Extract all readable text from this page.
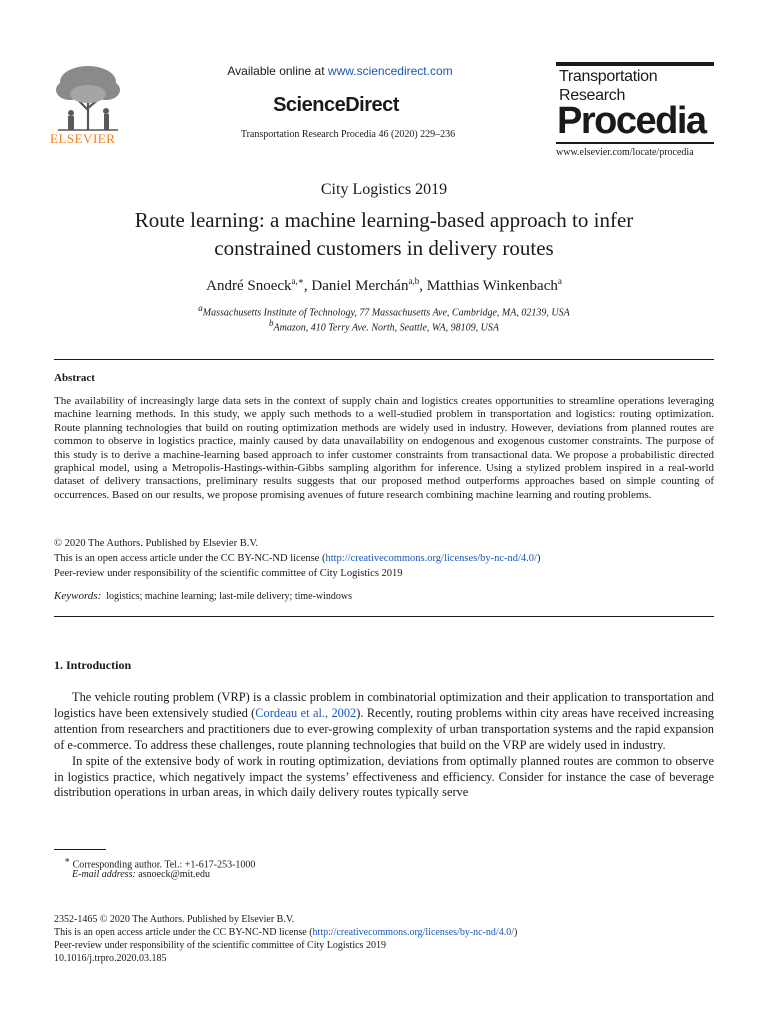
ELSEVIER
Available online at www.sciencedirect.com
ScienceDirect
Transportation Research Procedia 46 (2020) 229–236
Transportation
Research
Procedia
www.elsevier.com/locate/procedia
City Logistics 2019
Route learning: a machine learning-based approach to infer
constrained customers in delivery routes
André Snoeck$^{a,∗}$, Daniel Merchán$^{a,b}$, Matthias Winkenbach$^a$
$^a$Massachusetts Institute of Technology, 77 Massachusetts Ave, Cambridge, MA, 02139, USA
$^b$Amazon, 410 Terry Ave. North, Seattle, WA, 98109, USA
Abstract
The availability of increasingly large data sets in the context of supply chain and logistics creates opportunities to streamline operations leveraging machine learning methods. In this study, we apply such methods to a well-studied problem in transportation and logistics: routing optimization. Route planning technologies that build on routing optimization methods are widely used in industry. However, deviations from planned routes are common to observe in logistics practice, mainly caused by data unavailability on endogenous and exogenous customer constraints. The purpose of this study is to derive a machine-learning based approach to infer customer constraints from transactional data. We propose a probabilistic directed graphical model, using a Metropolis-Hastings-within-Gibbs sampling algorithm for inference. Using a stylized problem inspired in a real-world dataset of delivery transactions, preliminary results suggests that our proposed method outperforms approaches based on simple counting of occurrences. Based on our results, we propose promising avenues of future research combining machine learning and routing problems.
© 2020 The Authors. Published by Elsevier B.V.
This is an open access article under the CC BY-NC-ND license (http://creativecommons.org/licenses/by-nc-nd/4.0/)
Peer-review under responsibility of the scientific committee of City Logistics 2019
Keywords: logistics; machine learning; last-mile delivery; time-windows
1. Introduction

The vehicle routing problem (VRP) is a classic problem in combinatorial optimization and their application to transportation and logistics have been extensively studied (Cordeau et al., 2002). Recently, routing problems within city areas have received increasing attention from researchers and practitioners due to ever-growing complexity of urban transportation systems and the rapid expansion of e-commerce. To address these challenges, route planning technologies that build on the VRP are widely used in industry.

In spite of the extensive body of work in routing optimization, deviations from optimally planned routes are common to observe in logistics practice, which negatively impact the systems’ effectiveness and efficiency. Consider for instance the case of beverage distribution operations in urban areas, in which daily delivery routes typically serve

∗ Corresponding author. Tel.: +1-617-253-1000
E-mail address: asnoeck@mit.edu
2352-1465 © 2020 The Authors. Published by Elsevier B.V.
This is an open access article under the CC BY-NC-ND license (http://creativecommons.org/licenses/by-nc-nd/4.0/)
Peer-review under responsibility of the scientific committee of City Logistics 2019
10.1016/j.trpro.2020.03.185
